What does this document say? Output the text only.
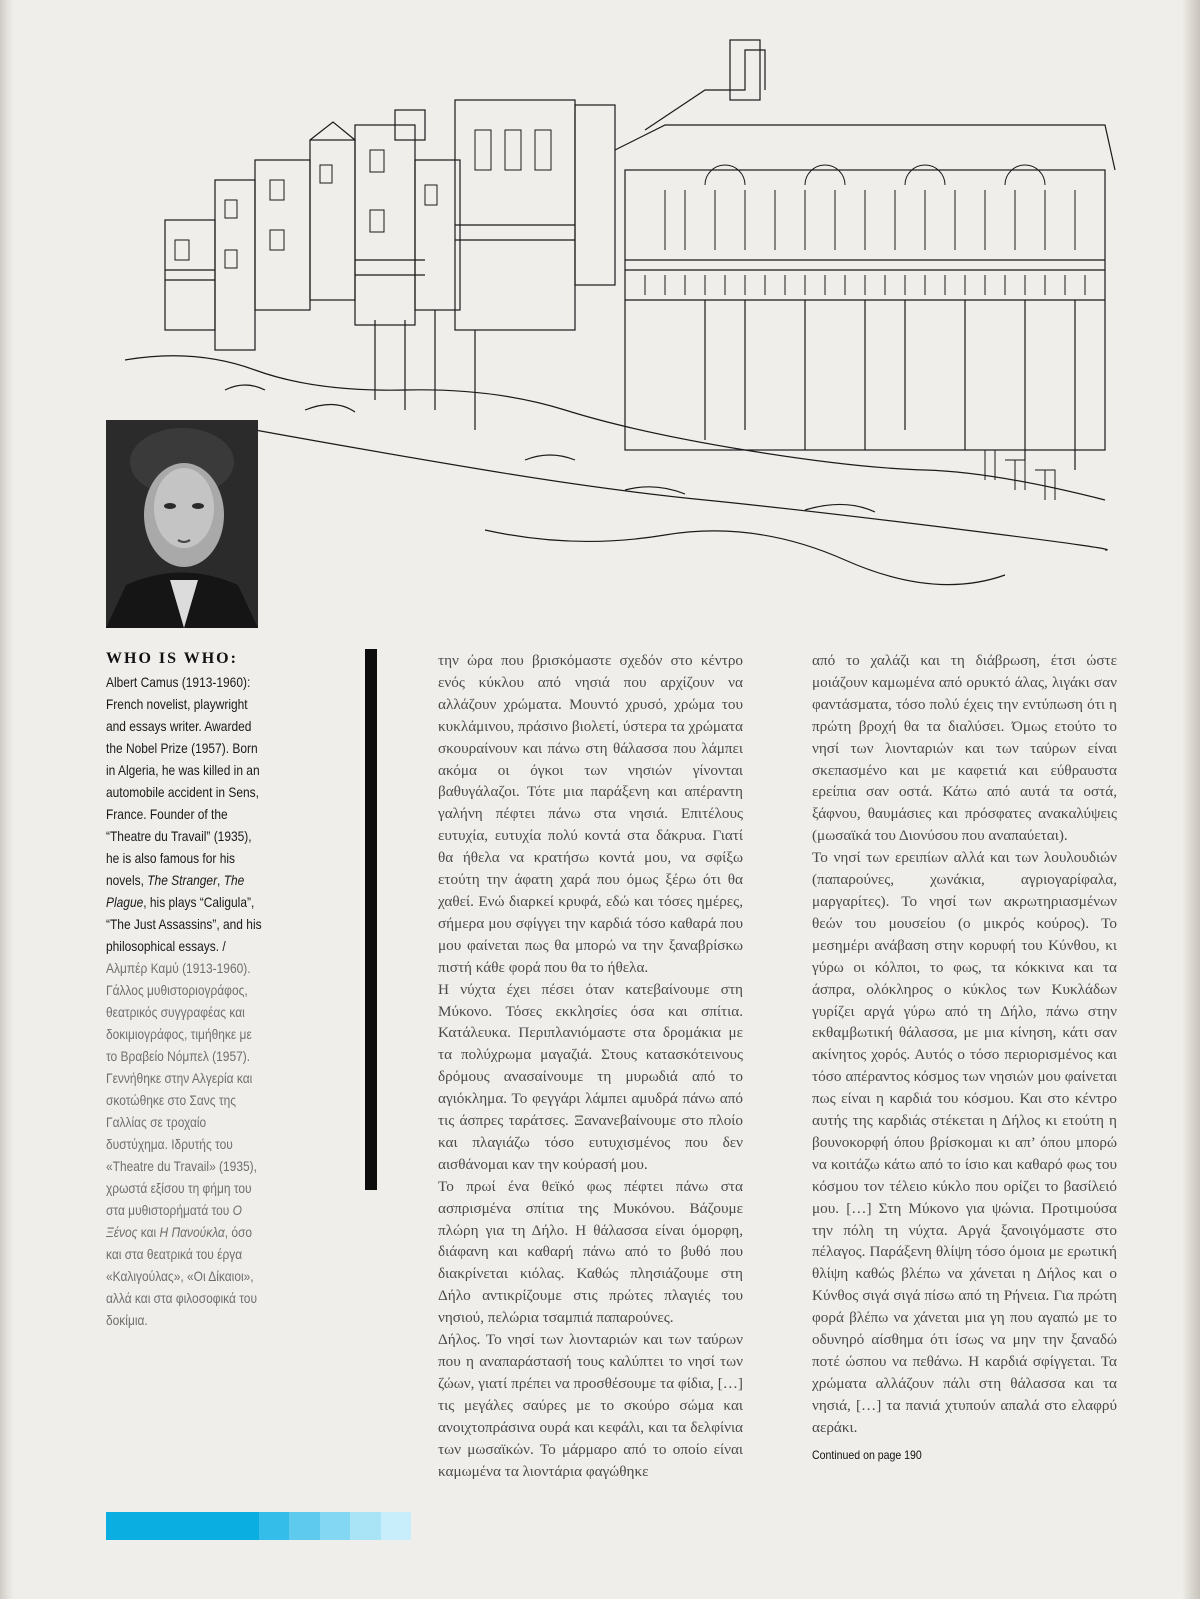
WHO IS WHO:
Albert Camus (1913-1960): French novelist, playwright and essays writer. Awarded the Nobel Prize (1957). Born in Algeria, he was killed in an automobile accident in Sens, France. Founder of the “Theatre du Travail” (1935), he is also famous for his novels, The Stranger, The Plague, his plays “Caligula”, “The Just Assassins”, and his philosophical essays. / Αλμπέρ Καμύ (1913-1960). Γάλλος μυθιστοριογράφος, θεατρικός συγγραφέας και δοκιμιογράφος, τιμήθηκε με το Βραβείο Νόμπελ (1957). Γεννήθηκε στην Αλγερία και σκοτώθηκε στο Σανς της Γαλλίας σε τροχαίο δυστύχημα. Ιδρυτής του «Theatre du Travail» (1935), χρωστά εξίσου τη φήμη του στα μυθιστορήματά του Ο Ξένος και Η Πανούκλα, όσο και στα θεατρικά του έργα «Καλιγούλας», «Οι Δίκαιοι», αλλά και στα φιλοσοφικά του δοκίμια.

την ώρα που βρισκόμαστε σχεδόν στο κέντρο ενός κύκλου από νησιά που αρχίζουν να αλλάζουν χρώματα. Μουντό χρυσό, χρώμα του κυκλάμινου, πράσινο βιολετί, ύστερα τα χρώματα σκουραίνουν και πάνω στη θάλασσα που λάμπει ακόμα οι όγκοι των νησιών γίνονται βαθυγάλαζοι. Τότε μια παράξενη και απέραντη γαλήνη πέφτει πάνω στα νησιά. Επιτέλους ευτυχία, ευτυχία πολύ κοντά στα δάκρυα. Γιατί θα ήθελα να κρατήσω κοντά μου, να σφίξω ετούτη την άφατη χαρά που όμως ξέρω ότι θα χαθεί. Ενώ διαρκεί κρυφά, εδώ και τόσες ημέρες, σήμερα μου σφίγγει την καρδιά τόσο καθαρά που μου φαίνεται πως θα μπορώ να την ξαναβρίσκω πιστή κάθε φορά που θα το ήθελα.

Η νύχτα έχει πέσει όταν κατεβαίνουμε στη Μύκονο. Τόσες εκκλησίες όσα και σπίτια. Κατάλευκα. Περιπλανιόμαστε στα δρομάκια με τα πολύχρωμα μαγαζιά. Στους κατασκότεινους δρόμους ανασαίνουμε τη μυρωδιά από το αγιόκλημα. Το φεγγάρι λάμπει αμυδρά πάνω από τις άσπρες ταράτσες. Ξανανεβαίνουμε στο πλοίο και πλαγιάζω τόσο ευτυχισμένος που δεν αισθάνομαι καν την κούρασή μου.

Το πρωί ένα θεϊκό φως πέφτει πάνω στα ασπρισμένα σπίτια της Μυκόνου. Βάζουμε πλώρη για τη Δήλο. Η θάλασσα είναι όμορφη, διάφανη και καθαρή πάνω από το βυθό που διακρίνεται κιόλας. Καθώς πλησιάζουμε στη Δήλο αντικρίζουμε στις πρώτες πλαγιές του νησιού, πελώρια τσαμπιά παπαρούνες.

Δήλος. Το νησί των λιονταριών και των ταύρων που η αναπαράστασή τους καλύπτει το νησί των ζώων, γιατί πρέπει να προσθέσουμε τα φίδια, […] τις μεγάλες σαύρες με το σκούρο σώμα και ανοιχτοπράσινα ουρά και κεφάλι, και τα δελφίνια των μωσαϊκών. Το μάρμαρο από το οποίο είναι καμωμένα τα λιοντάρια φαγώθηκε

από το χαλάζι και τη διάβρωση, έτσι ώστε μοιάζουν καμωμένα από ορυκτό άλας, λιγάκι σαν φαντάσματα, τόσο πολύ έχεις την εντύπωση ότι η πρώτη βροχή θα τα διαλύσει. Όμως ετούτο το νησί των λιονταριών και των ταύρων είναι σκεπασμένο και με καφετιά και εύθραυστα ερείπια σαν οστά. Κάτω από αυτά τα οστά, ξάφνου, θαυμάσιες και πρόσφατες ανακαλύψεις (μωσαϊκά του Διονύσου που αναπαύεται).

Το νησί των ερειπίων αλλά και των λουλουδιών (παπαρούνες, χωνάκια, αγριογαρίφαλα, μαργαρίτες). Το νησί των ακρωτηριασμένων θεών του μουσείου (ο μικρός κούρος). Το μεσημέρι ανάβαση στην κορυφή του Κύνθου, κι γύρω οι κόλποι, το φως, τα κόκκινα και τα άσπρα, ολόκληρος ο κύκλος των Κυκλάδων γυρίζει αργά γύρω από τη Δήλο, πάνω στην εκθαμβωτική θάλασσα, με μια κίνηση, κάτι σαν ακίνητος χορός. Αυτός ο τόσο περιορισμένος και τόσο απέραντος κόσμος των νησιών μου φαίνεται πως είναι η καρδιά του κόσμου. Και στο κέντρο αυτής της καρδιάς στέκεται η Δήλος κι ετούτη η βουνοκορφή όπου βρίσκομαι κι απ’ όπου μπορώ να κοιτάζω κάτω από το ίσιο και καθαρό φως του κόσμου τον τέλειο κύκλο που ορίζει το βασίλειό μου. […] Στη Μύκονο για ψώνια. Προτιμούσα την πόλη τη νύχτα. Αργά ξανοιγόμαστε στο πέλαγος. Παράξενη θλίψη τόσο όμοια με ερωτική θλίψη καθώς βλέπω να χάνεται η Δήλος και ο Κύνθος σιγά σιγά πίσω από τη Ρήνεια. Για πρώτη φορά βλέπω να χάνεται μια γη που αγαπώ με το οδυνηρό αίσθημα ότι ίσως να μην την ξαναδώ ποτέ ώσπου να πεθάνω. Η καρδιά σφίγγεται. Τα χρώματα αλλάζουν πάλι στη θάλασσα και τα νησιά, […] τα πανιά χτυπούν απαλά στο ελαφρύ αεράκι.

Continued on page 190
